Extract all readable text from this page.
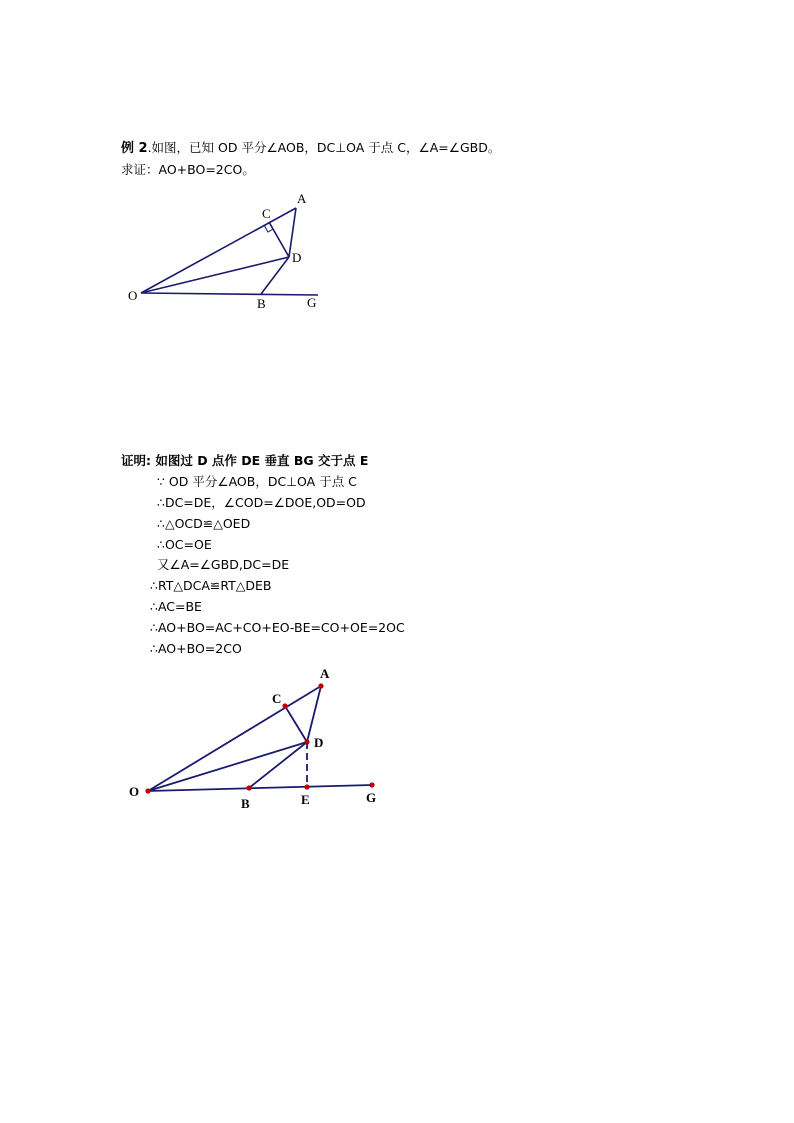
例 2.如图，已知 OD 平分∠AOB，DC⊥OA 于点 C，∠A=∠GBD。
求证：AO+BO=2CO。
O
A
C
D
B	G
证明: 如图过 D 点作 DE 垂直 BG 交于点 E
∵ OD 平分∠AOB，DC⊥OA 于点 C
∴DC=DE，∠COD=∠DOE,OD=OD
∴△OCD≌△OED
∴OC=OE
又∠A=∠GBD,DC=DE
∴RT△DCA≌RT△DEB
∴AC=BE
∴AO+BO=AC+CO+EO-BE=CO+OE=2OC
∴AO+BO=2CO
O
A
C
D
B	E	G
